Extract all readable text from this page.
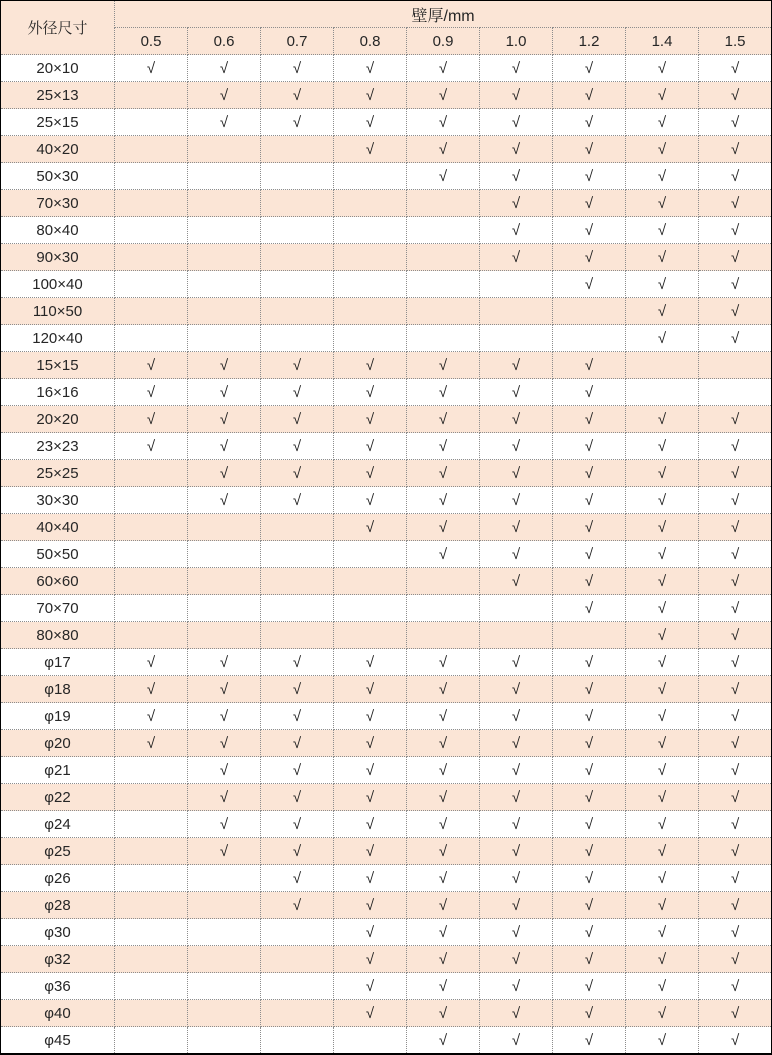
外径尺寸	壁厚/mm								
	0.5	0.6	0.7	0.8	0.9	1.0	1.2	1.4	1.5
20×10	√	√	√	√	√	√	√	√	√
25×13		√	√	√	√	√	√	√	√
25×15		√	√	√	√	√	√	√	√
40×20				√	√	√	√	√	√
50×30					√	√	√	√	√
70×30						√	√	√	√
80×40						√	√	√	√
90×30						√	√	√	√
100×40							√	√	√
110×50								√	√
120×40								√	√
15×15	√	√	√	√	√	√	√		
16×16	√	√	√	√	√	√	√		
20×20	√	√	√	√	√	√	√	√	√
23×23	√	√	√	√	√	√	√	√	√
25×25		√	√	√	√	√	√	√	√
30×30		√	√	√	√	√	√	√	√
40×40				√	√	√	√	√	√
50×50					√	√	√	√	√
60×60						√	√	√	√
70×70							√	√	√
80×80								√	√
φ17	√	√	√	√	√	√	√	√	√
φ18	√	√	√	√	√	√	√	√	√
φ19	√	√	√	√	√	√	√	√	√
φ20	√	√	√	√	√	√	√	√	√
φ21		√	√	√	√	√	√	√	√
φ22		√	√	√	√	√	√	√	√
φ24		√	√	√	√	√	√	√	√
φ25		√	√	√	√	√	√	√	√
φ26			√	√	√	√	√	√	√
φ28			√	√	√	√	√	√	√
φ30				√	√	√	√	√	√
φ32				√	√	√	√	√	√
φ36				√	√	√	√	√	√
φ40				√	√	√	√	√	√
φ45					√	√	√	√	√
